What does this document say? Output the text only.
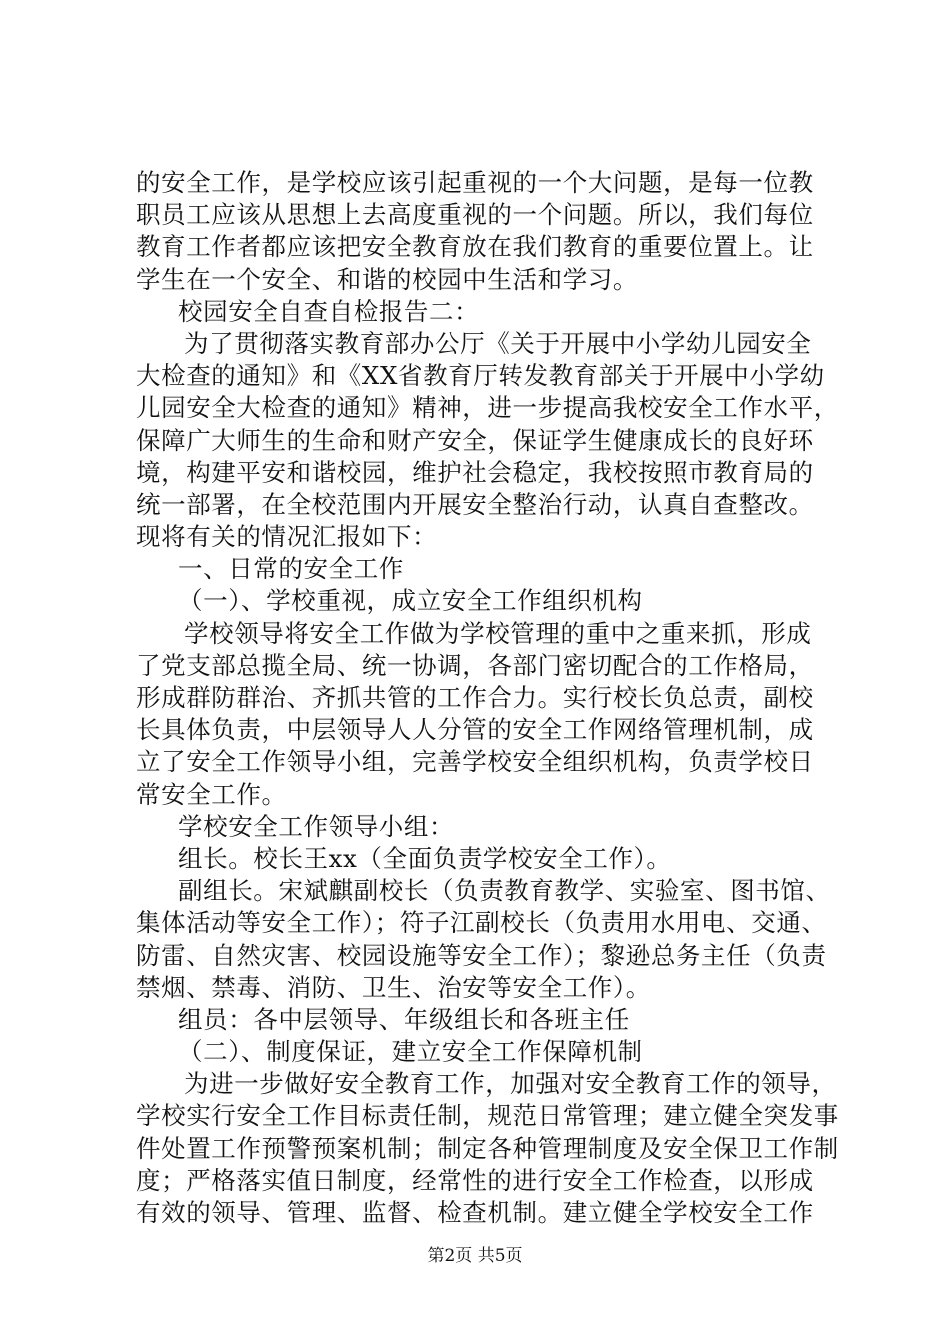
的安全工作，是学校应该引起重视的一个大问题，是每一位教
职员工应该从思想上去高度重视的一个问题。所以，我们每位
教育工作者都应该把安全教育放在我们教育的重要位置上。让
学生在一个安全、和谐的校园中生活和学习。
校园安全自查自检报告二：
为了贯彻落实教育部办公厅《关于开展中小学幼儿园安全
大检查的通知》和《XX省教育厅转发教育部关于开展中小学幼
儿园安全大检查的通知》精神，进一步提高我校安全工作水平，
保障广大师生的生命和财产安全，保证学生健康成长的良好环
境，构建平安和谐校园，维护社会稳定，我校按照市教育局的
统一部署，在全校范围内开展安全整治行动，认真自查整改。
现将有关的情况汇报如下：
一、日常的安全工作
（一）、学校重视，成立安全工作组织机构
学校领导将安全工作做为学校管理的重中之重来抓，形成
了党支部总揽全局、统一协调，各部门密切配合的工作格局，
形成群防群治、齐抓共管的工作合力。实行校长负总责，副校
长具体负责，中层领导人人分管的安全工作网络管理机制，成
立了安全工作领导小组，完善学校安全组织机构，负责学校日
常安全工作。
学校安全工作领导小组：
组长。校长王xx（全面负责学校安全工作）。
副组长。宋斌麒副校长（负责教育教学、实验室、图书馆、
集体活动等安全工作）；符子江副校长（负责用水用电、交通、
防雷、自然灾害、校园设施等安全工作）；黎逊总务主任（负责
禁烟、禁毒、消防、卫生、治安等安全工作）。
组员：各中层领导、年级组长和各班主任
（二）、制度保证，建立安全工作保障机制
为进一步做好安全教育工作，加强对安全教育工作的领导，
学校实行安全工作目标责任制，规范日常管理；建立健全突发事
件处置工作预警预案机制；制定各种管理制度及安全保卫工作制
度；严格落实值日制度，经常性的进行安全工作检查，以形成
有效的领导、管理、监督、检查机制。建立健全学校安全工作
第2页 共5页
